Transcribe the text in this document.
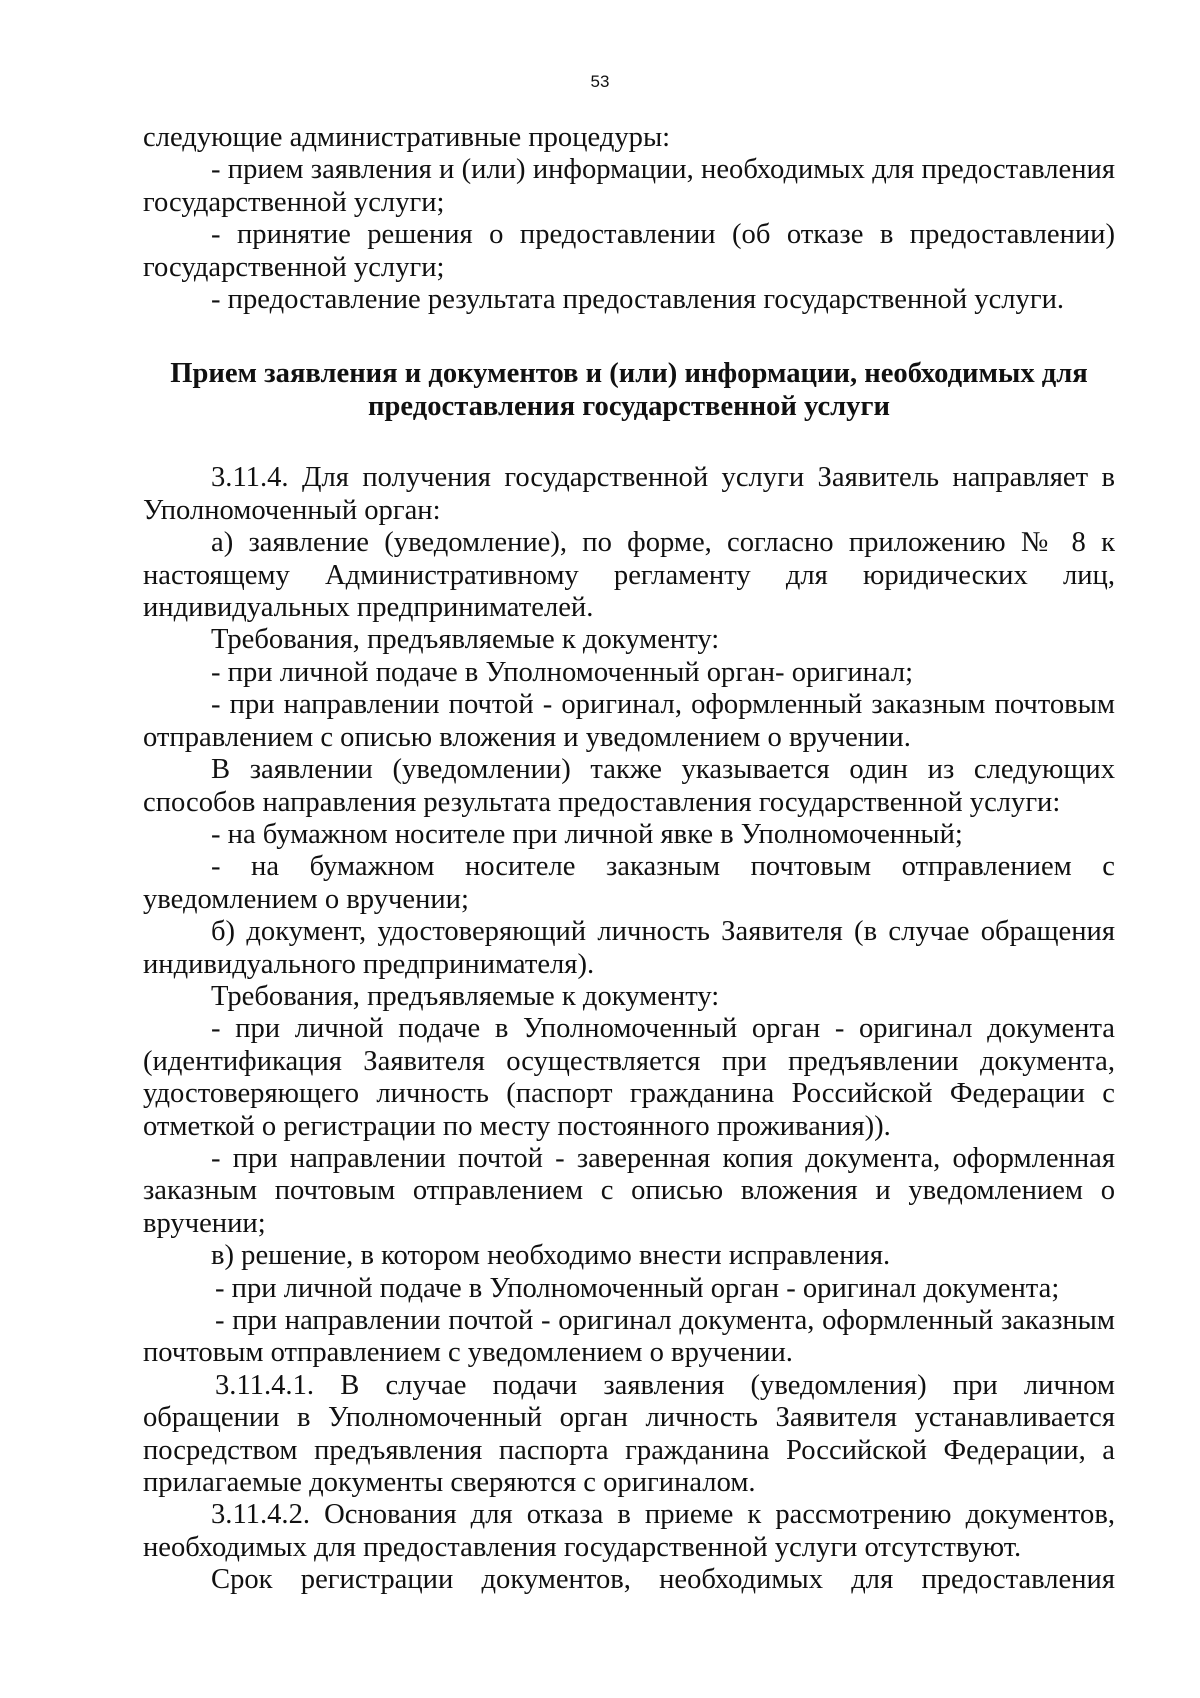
53

следующие административные процедуры:

- прием заявления и (или) информации, необходимых для предоставления государственной услуги;

- принятие решения о предоставлении (об отказе в предоставлении) государственной услуги;

- предоставление результата предоставления государственной услуги.

Прием заявления и документов и (или) информации, необходимых для предоставления государственной услуги

3.11.4. Для получения государственной услуги Заявитель направляет в Уполномоченный орган:

а) заявление (уведомление), по форме, согласно приложению № 8 к настоящему Административному регламенту для юридических лиц, индивидуальных предпринимателей.

Требования, предъявляемые к документу:

- при личной подаче в Уполномоченный орган- оригинал;

- при направлении почтой - оригинал, оформленный заказным почтовым отправлением с описью вложения и уведомлением о вручении.

В заявлении (уведомлении) также указывается один из следующих способов направления результата предоставления государственной услуги:

- на бумажном носителе при личной явке в Уполномоченный;

- на бумажном носителе заказным почтовым отправлением с уведомлением о вручении;

б) документ, удостоверяющий личность Заявителя (в случае обращения индивидуального предпринимателя).

Требования, предъявляемые к документу:

- при личной подаче в Уполномоченный орган - оригинал документа (идентификация Заявителя осуществляется при предъявлении документа, удостоверяющего личность (паспорт гражданина Российской Федерации с отметкой о регистрации по месту постоянного проживания)).

- при направлении почтой - заверенная копия документа, оформленная заказным почтовым отправлением с описью вложения и уведомлением о вручении;

в) решение, в котором необходимо внести исправления.

- при личной подаче в Уполномоченный орган - оригинал документа;

- при направлении почтой - оригинал документа, оформленный заказным почтовым отправлением с уведомлением о вручении.

3.11.4.1. В случае подачи заявления (уведомления) при личном обращении в Уполномоченный орган личность Заявителя устанавливается посредством предъявления паспорта гражданина Российской Федерации, а прилагаемые документы сверяются с оригиналом.

3.11.4.2. Основания для отказа в приеме к рассмотрению документов, необходимых для предоставления государственной услуги отсутствуют.

Срок регистрации документов, необходимых для предоставления
